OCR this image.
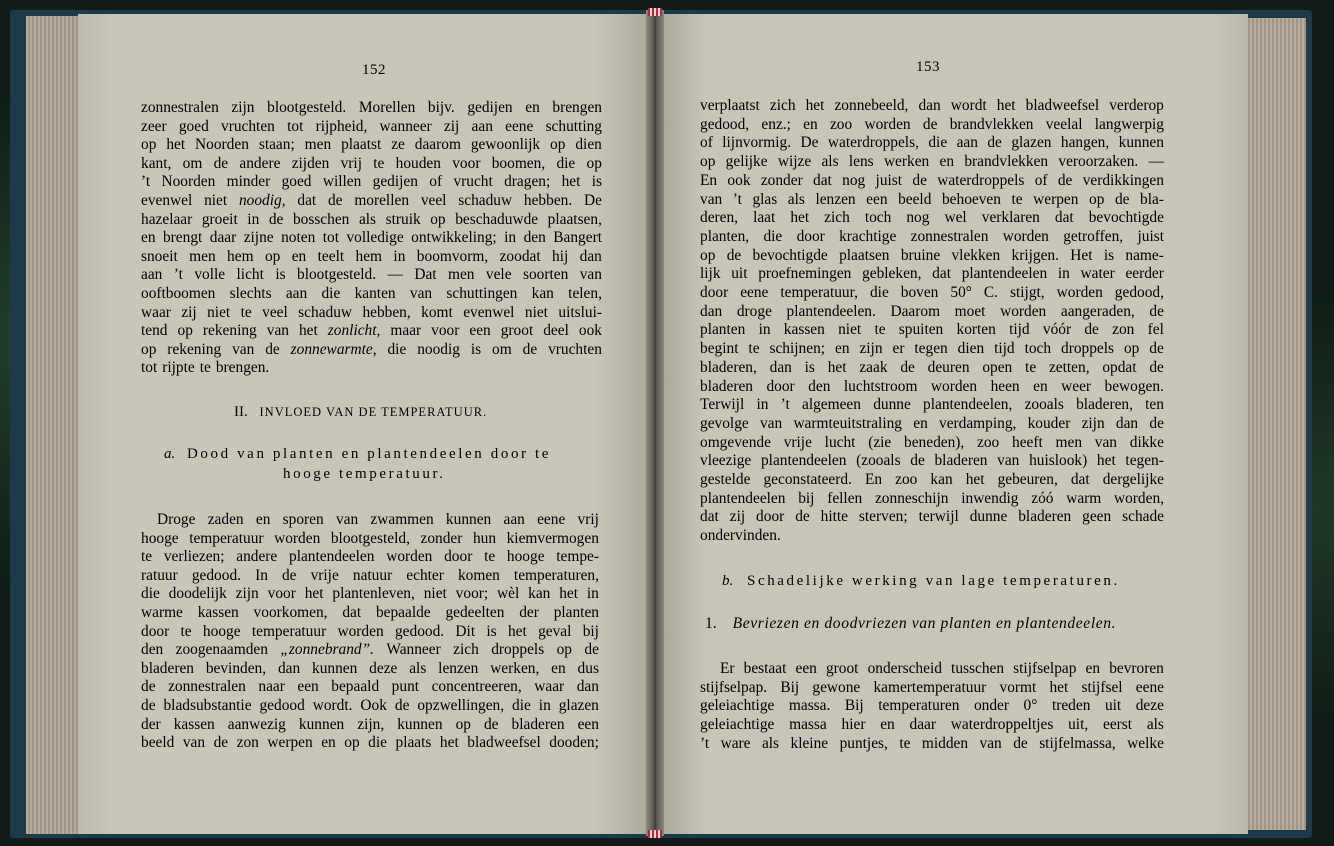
152	153
zonnestralen zijn blootgesteld. Morellen bijv. gedijen en brengen
zeer goed vruchten tot rijpheid, wanneer zij aan eene schutting
op het Noorden staan; men plaatst ze daarom gewoonlijk op dien
kant, om de andere zijden vrij te houden voor boomen, die op
’t Noorden minder goed willen gedijen of vrucht dragen; het is
evenwel niet noodig, dat de morellen veel schaduw hebben. De
hazelaar groeit in de bosschen als struik op beschaduwde plaatsen,
en brengt daar zijne noten tot volledige ontwikkeling; in den Bangert
snoeit men hem op en teelt hem in boomvorm, zoodat hij dan
aan ’t volle licht is blootgesteld. — Dat men vele soorten van
ooftboomen slechts aan die kanten van schuttingen kan telen,
waar zij niet te veel schaduw hebben, komt evenwel niet uitslui-
tend op rekening van het zonlicht, maar voor een groot deel ook
op rekening van de zonnewarmte, die noodig is om de vruchten
tot rijpte te brengen.
II. INVLOED VAN DE TEMPERATUUR.
a. Dood van planten en plantendeelen door te
hooge temperatuur.
Droge zaden en sporen van zwammen kunnen aan eene vrij
hooge temperatuur worden blootgesteld, zonder hun kiemvermogen
te verliezen; andere plantendeelen worden door te hooge tempe-
ratuur gedood. In de vrije natuur echter komen temperaturen,
die doodelijk zijn voor het plantenleven, niet voor; wèl kan het in
warme kassen voorkomen, dat bepaalde gedeelten der planten
door te hooge temperatuur worden gedood. Dit is het geval bij
den zoogenaamden „zonnebrand”. Wanneer zich droppels op de
bladeren bevinden, dan kunnen deze als lenzen werken, en dus
de zonnestralen naar een bepaald punt concentreeren, waar dan
de bladsubstantie gedood wordt. Ook de opzwellingen, die in glazen
der kassen aanwezig kunnen zijn, kunnen op de bladeren een
beeld van de zon werpen en op die plaats het bladweefsel dooden;
verplaatst zich het zonnebeeld, dan wordt het bladweefsel verderop
gedood, enz.; en zoo worden de brandvlekken veelal langwerpig
of lijnvormig. De waterdroppels, die aan de glazen hangen, kunnen
op gelijke wijze als lens werken en brandvlekken veroorzaken. —
En ook zonder dat nog juist de waterdroppels of de verdikkingen
van ’t glas als lenzen een beeld behoeven te werpen op de bla-
deren, laat het zich toch nog wel verklaren dat bevochtigde
planten, die door krachtige zonnestralen worden getroffen, juist
op de bevochtigde plaatsen bruine vlekken krijgen. Het is name-
lijk uit proefnemingen gebleken, dat plantendeelen in water eerder
door eene temperatuur, die boven 50° C. stijgt, worden gedood,
dan droge plantendeelen. Daarom moet worden aangeraden, de
planten in kassen niet te spuiten korten tijd vóór de zon fel
begint te schijnen; en zijn er tegen dien tijd toch droppels op de
bladeren, dan is het zaak de deuren open te zetten, opdat de
bladeren door den luchtstroom worden heen en weer bewogen.
Terwijl in ’t algemeen dunne plantendeelen, zooals bladeren, ten
gevolge van warmteuitstraling en verdamping, kouder zijn dan de
omgevende vrije lucht (zie beneden), zoo heeft men van dikke
vleezige plantendeelen (zooals de bladeren van huislook) het tegen-
gestelde geconstateerd. En zoo kan het gebeuren, dat dergelijke
plantendeelen bij fellen zonneschijn inwendig zóó warm worden,
dat zij door de hitte sterven; terwijl dunne bladeren geen schade
ondervinden.
b. Schadelijke werking van lage temperaturen.
1. Bevriezen en doodvriezen van planten en plantendeelen.
Er bestaat een groot onderscheid tusschen stijfselpap en bevroren
stijfselpap. Bij gewone kamertemperatuur vormt het stijfsel eene
geleiachtige massa. Bij temperaturen onder 0° treden uit deze
geleiachtige massa hier en daar waterdroppeltjes uit, eerst als
’t ware als kleine puntjes, te midden van de stijfelmassa, welke
